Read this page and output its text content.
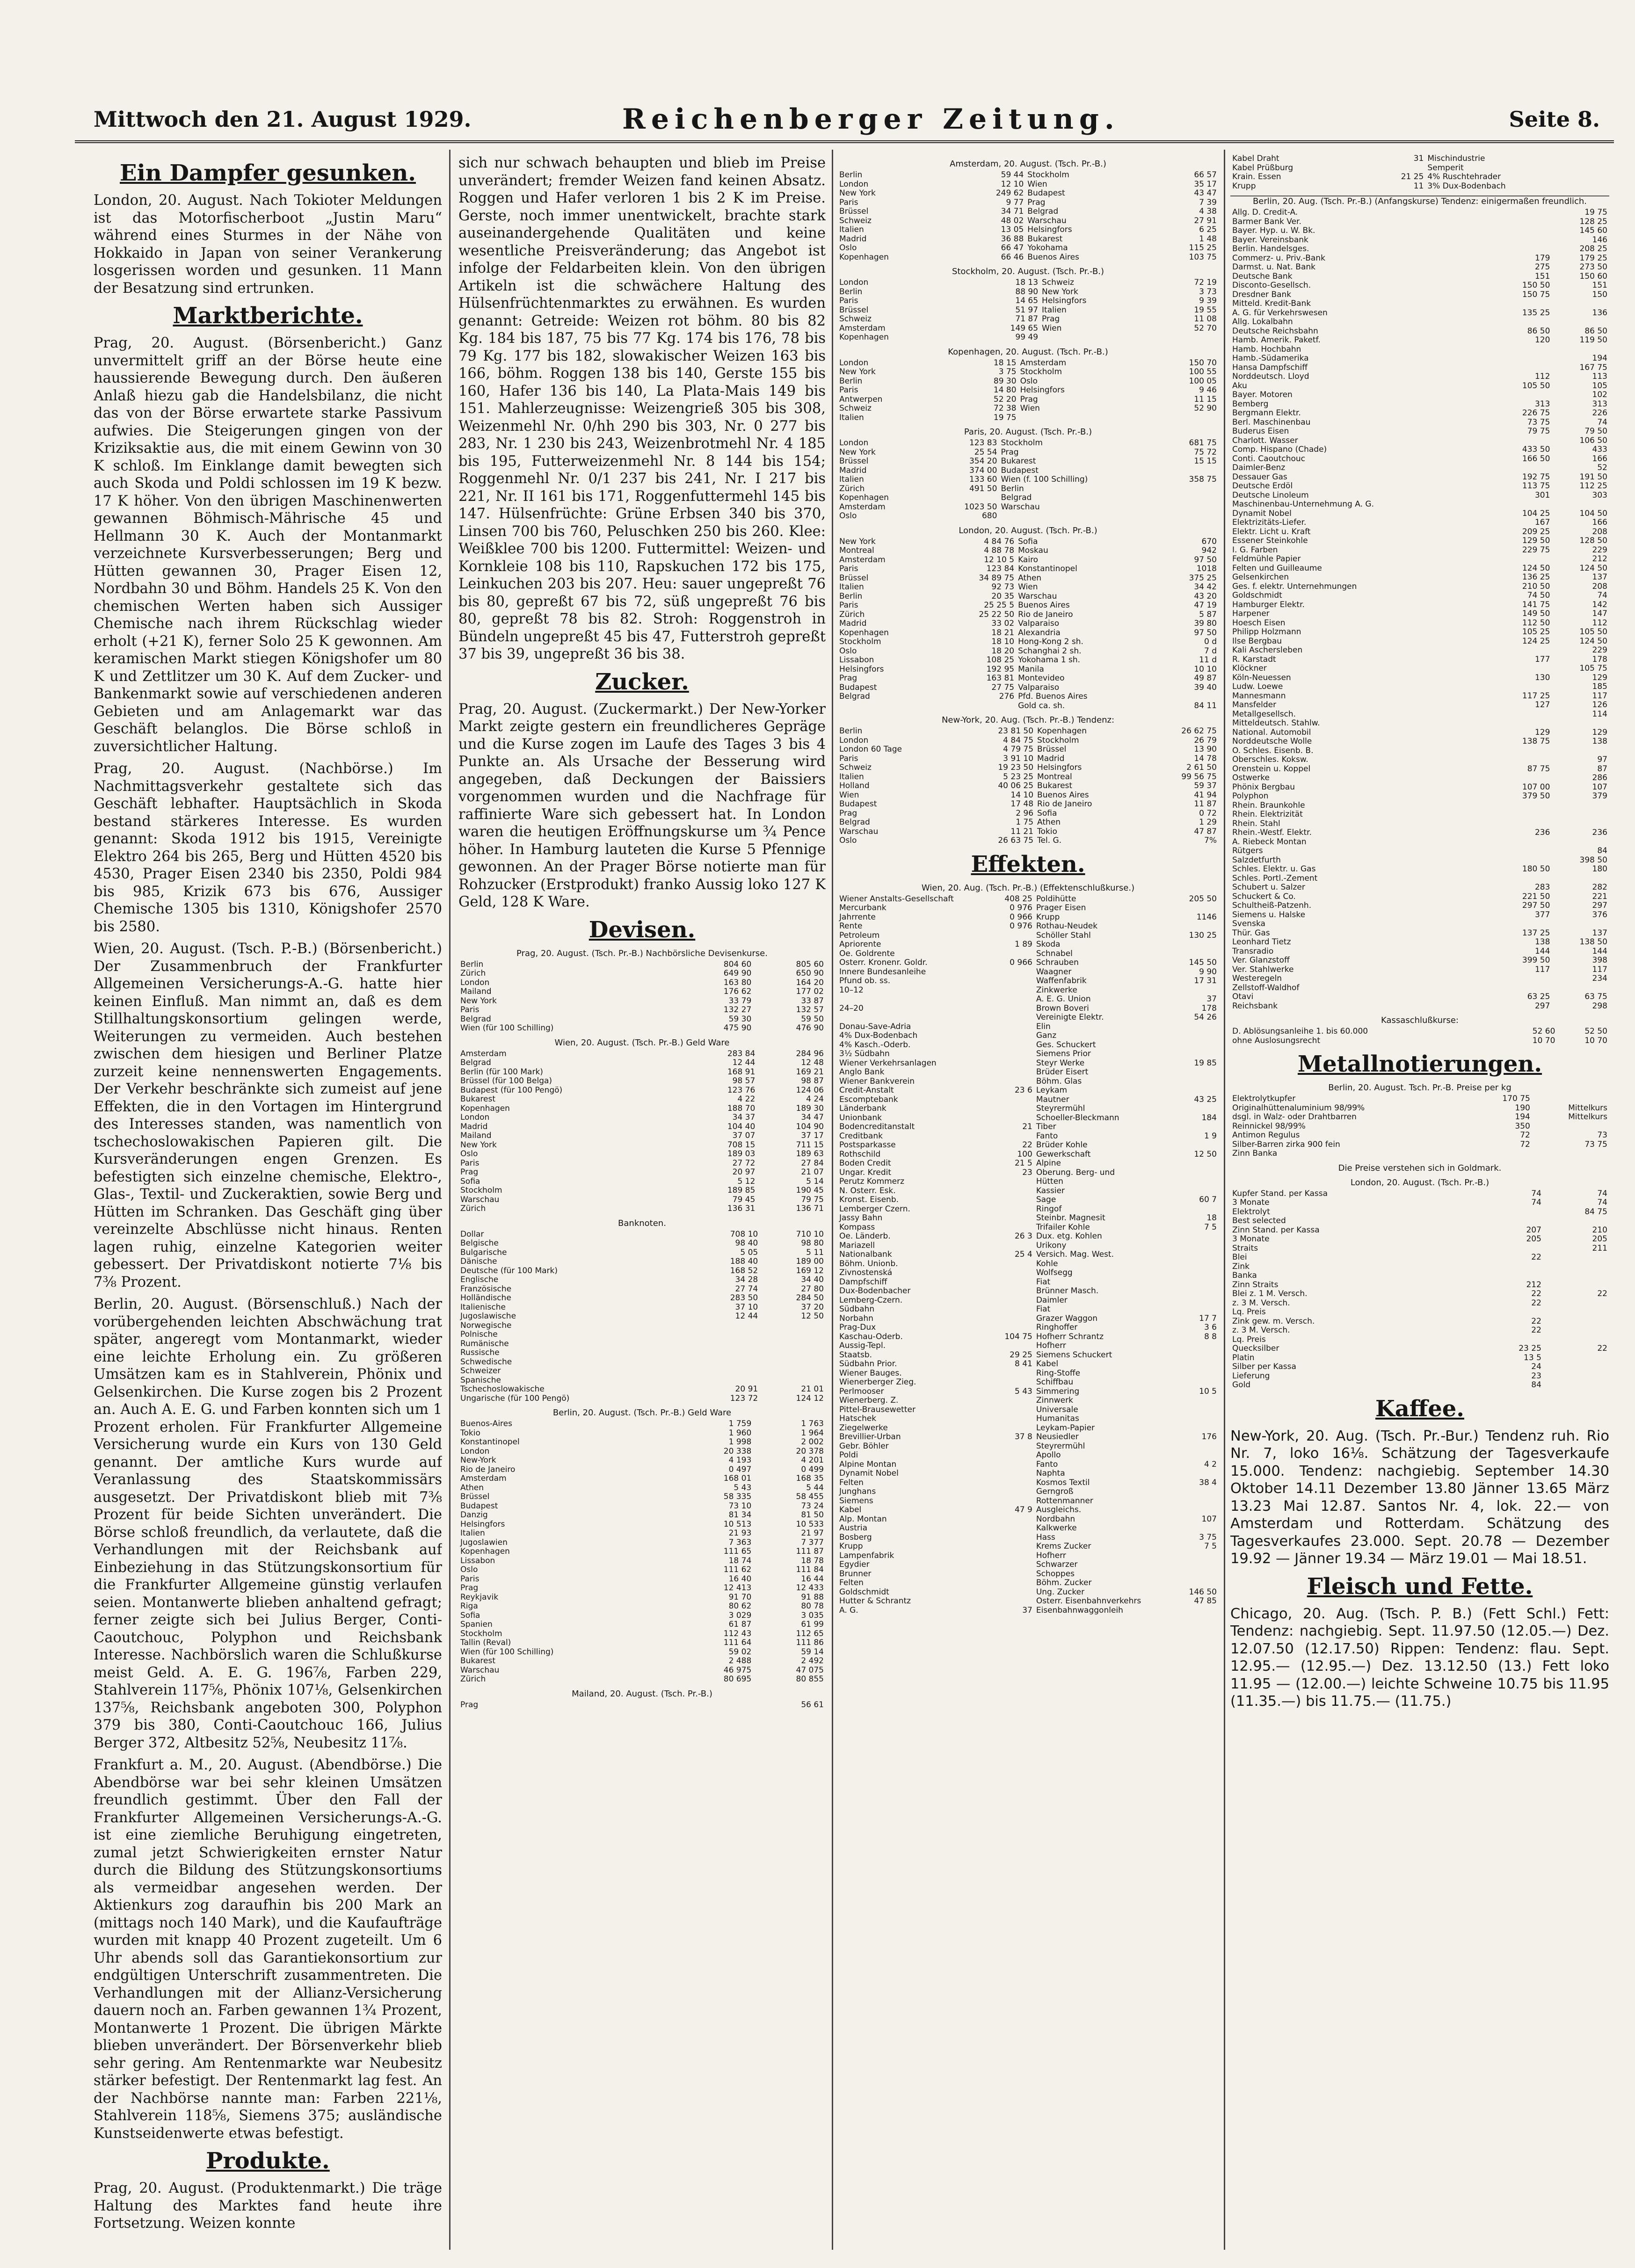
Mittwoch den 21. August 1929.	Reichenberger Zeitung.	Seite 8.
Ein Dampfer gesunken.

London, 20. August. Nach Tokioter Meldungen ist das Motorfischerboot „Justin Maru“ während eines Sturmes in der Nähe von Hokkaido in Japan von seiner Verankerung losgerissen worden und gesunken. 11 Mann der Besatzung sind ertrunken.

Marktberichte.

Prag, 20. August. (Börsenbericht.) Ganz unvermittelt griff an der Börse heute eine haussierende Bewegung durch. Den äußeren Anlaß hiezu gab die Handelsbilanz, die nicht das von der Börse erwartete starke Passivum aufwies. Die Steigerungen gingen von der Kriziksaktie aus, die mit einem Gewinn von 30 K schloß. Im Einklange damit bewegten sich auch Skoda und Poldi schlossen im 19 K bezw. 17 K höher. Von den übrigen Maschinenwerten gewannen Böhmisch-Mährische 45 und Hellmann 30 K. Auch der Montanmarkt verzeichnete Kursverbesserungen; Berg und Hütten gewannen 30, Prager Eisen 12, Nordbahn 30 und Böhm. Handels 25 K. Von den chemischen Werten haben sich Aussiger Chemische nach ihrem Rückschlag wieder erholt (+21 K), ferner Solo 25 K gewonnen. Am keramischen Markt stiegen Königshofer um 80 K und Zettlitzer um 30 K. Auf dem Zucker- und Bankenmarkt sowie auf verschiedenen anderen Gebieten und am Anlagemarkt war das Geschäft belanglos. Die Börse schloß in zuversichtlicher Haltung.

Prag, 20. August. (Nachbörse.) Im Nachmittagsverkehr gestaltete sich das Geschäft lebhafter. Hauptsächlich in Skoda bestand stärkeres Interesse. Es wurden genannt: Skoda 1912 bis 1915, Vereinigte Elektro 264 bis 265, Berg und Hütten 4520 bis 4530, Prager Eisen 2340 bis 2350, Poldi 984 bis 985, Krizik 673 bis 676, Aussiger Chemische 1305 bis 1310, Königshofer 2570 bis 2580.

Wien, 20. August. (Tsch. P.-B.) (Börsenbericht.) Der Zusammenbruch der Frankfurter Allgemeinen Versicherungs-A.-G. hatte hier keinen Einfluß. Man nimmt an, daß es dem Stillhaltungskonsortium gelingen werde, Weiterungen zu vermeiden. Auch bestehen zwischen dem hiesigen und Berliner Platze zurzeit keine nennenswerten Engagements. Der Verkehr beschränkte sich zumeist auf jene Effekten, die in den Vortagen im Hintergrund des Interesses standen, was namentlich von tschechoslowakischen Papieren gilt. Die Kursveränderungen engen Grenzen. Es befestigten sich einzelne chemische, Elektro-, Glas-, Textil- und Zuckeraktien, sowie Berg und Hütten im Schranken. Das Geschäft ging über vereinzelte Abschlüsse nicht hinaus. Renten lagen ruhig, einzelne Kategorien weiter gebessert. Der Privatdiskont notierte 7⅛ bis 7⅜ Prozent.

Berlin, 20. August. (Börsenschluß.) Nach der vorübergehenden leichten Abschwächung trat später, angeregt vom Montanmarkt, wieder eine leichte Erholung ein. Zu größeren Umsätzen kam es in Stahlverein, Phönix und Gelsenkirchen. Die Kurse zogen bis 2 Prozent an. Auch A. E. G. und Farben konnten sich um 1 Prozent erholen. Für Frankfurter Allgemeine Versicherung wurde ein Kurs von 130 Geld genannt. Der amtliche Kurs wurde auf Veranlassung des Staatskommissärs ausgesetzt. Der Privatdiskont blieb mit 7⅜ Prozent für beide Sichten unverändert. Die Börse schloß freundlich, da verlautete, daß die Verhandlungen mit der Reichsbank auf Einbeziehung in das Stützungskonsortium für die Frankfurter Allgemeine günstig verlaufen seien. Montanwerte blieben anhaltend gefragt; ferner zeigte sich bei Julius Berger, Conti-Caoutchouc, Polyphon und Reichsbank Interesse. Nachbörslich waren die Schlußkurse meist Geld. A. E. G. 196⅞, Farben 229, Stahlverein 117⅝, Phönix 107⅛, Gelsenkirchen 137⅝, Reichsbank angeboten 300, Polyphon 379 bis 380, Conti-Caoutchouc 166, Julius Berger 372, Altbesitz 52⅝, Neubesitz 11⅞.

Frankfurt a. M., 20. August. (Abendbörse.) Die Abendbörse war bei sehr kleinen Umsätzen freundlich gestimmt. Über den Fall der Frankfurter Allgemeinen Versicherungs-A.-G. ist eine ziemliche Beruhigung eingetreten, zumal jetzt Schwierigkeiten ernster Natur durch die Bildung des Stützungskonsortiums als vermeidbar angesehen werden. Der Aktienkurs zog daraufhin bis 200 Mark an (mittags noch 140 Mark), und die Kaufaufträge wurden mit knapp 40 Prozent zugeteilt. Um 6 Uhr abends soll das Garantiekonsortium zur endgültigen Unterschrift zusammentreten. Die Verhandlungen mit der Allianz-Versicherung dauern noch an. Farben gewannen 1¾ Prozent, Montanwerte 1 Prozent. Die übrigen Märkte blieben unverändert. Der Börsenverkehr blieb sehr gering. Am Rentenmarkte war Neubesitz stärker befestigt. Der Rentenmarkt lag fest. An der Nachbörse nannte man: Farben 221⅛, Stahlverein 118⅝, Siemens 375; ausländische Kunstseidenwerte etwas befestigt.

Produkte.

Prag, 20. August. (Produktenmarkt.) Die träge Haltung des Marktes fand heute ihre Fortsetzung. Weizen konnte

sich nur schwach behaupten und blieb im Preise unverändert; fremder Weizen fand keinen Absatz. Roggen und Hafer verloren 1 bis 2 K im Preise. Gerste, noch immer unentwickelt, brachte stark auseinandergehende Qualitäten und keine wesentliche Preisveränderung; das Angebot ist infolge der Feldarbeiten klein. Von den übrigen Artikeln ist die schwächere Haltung des Hülsenfrüchtenmarktes zu erwähnen. Es wurden genannt: Getreide: Weizen rot böhm. 80 bis 82 Kg. 184 bis 187, 75 bis 77 Kg. 174 bis 176, 78 bis 79 Kg. 177 bis 182, slowakischer Weizen 163 bis 166, böhm. Roggen 138 bis 140, Gerste 155 bis 160, Hafer 136 bis 140, La Plata-Mais 149 bis 151. Mahlerzeugnisse: Weizengrieß 305 bis 308, Weizenmehl Nr. 0/hh 290 bis 303, Nr. 0 277 bis 283, Nr. 1 230 bis 243, Weizenbrotmehl Nr. 4 185 bis 195, Futterweizenmehl Nr. 8 144 bis 154; Roggenmehl Nr. 0/1 237 bis 241, Nr. I 217 bis 221, Nr. II 161 bis 171, Roggenfuttermehl 145 bis 147. Hülsenfrüchte: Grüne Erbsen 340 bis 370, Linsen 700 bis 760, Peluschken 250 bis 260. Klee: Weißklee 700 bis 1200. Futtermittel: Weizen- und Kornkleie 108 bis 110, Rapskuchen 172 bis 175, Leinkuchen 203 bis 207. Heu: sauer ungepreßt 76 bis 80, gepreßt 67 bis 72, süß ungepreßt 76 bis 80, gepreßt 78 bis 82. Stroh: Roggenstroh in Bündeln ungepreßt 45 bis 47, Futterstroh gepreßt 37 bis 39, ungepreßt 36 bis 38.

Zucker.

Prag, 20. August. (Zuckermarkt.) Der New-Yorker Markt zeigte gestern ein freundlicheres Gepräge und die Kurse zogen im Laufe des Tages 3 bis 4 Punkte an. Als Ursache der Besserung wird angegeben, daß Deckungen der Baissiers vorgenommen wurden und die Nachfrage für raffinierte Ware sich gebessert hat. In London waren die heutigen Eröffnungskurse um ¾ Pence höher. In Hamburg lauteten die Kurse 5 Pfennige gewonnen. An der Prager Börse notierte man für Rohzucker (Erstprodukt) franko Aussig loko 127 K Geld, 128 K Ware.

Devisen.
Prag, 20. August. (Tsch. Pr.-B.) Nachbörsliche Devisenkurse.
Berlin	804 60	805 60
Zürich	649 90	650 90
London	163 80	164 20
Mailand	176 62	177 02
New York	33 79	33 87
Paris	132 27	132 57
Belgrad	59 30	59 50
Wien (für 100 Schilling)	475 90	476 90
Wien, 20. August. (Tsch. Pr.-B.) Geld Ware
Amsterdam	283 84	284 96
Belgrad	12 44	12 48
Berlin (für 100 Mark)	168 91	169 21
Brüssel (für 100 Belga)	98 57	98 87
Budapest (für 100 Pengö)	123 76	124 06
Bukarest	4 22	4 24
Kopenhagen	188 70	189 30
London	34 37	34 47
Madrid	104 40	104 90
Mailand	37 07	37 17
New York	708 15	711 15
Oslo	189 03	189 63
Paris	27 72	27 84
Prag	20 97	21 07
Sofia	5 12	5 14
Stockholm	189 85	190 45
Warschau	79 45	79 75
Zürich	136 31	136 71
Banknoten.
Dollar	708 10	710 10
Belgische	98 40	98 80
Bulgarische	5 05	5 11
Dänische	188 40	189 00
Deutsche (für 100 Mark)	168 52	169 12
Englische	34 28	34 40
Französische	27 74	27 80
Holländische	283 50	284 50
Italienische	37 10	37 20
Jugoslawische	12 44	12 50
Norwegische		
Polnische		
Rumänische		
Russische		
Schwedische		
Schweizer		
Spanische		
Tschechoslowakische	20 91	21 01
Ungarische (für 100 Pengö)	123 72	124 12
Berlin, 20. August. (Tsch. Pr.-B.) Geld Ware
Buenos-Aires	1 759	1 763
Tokio	1 960	1 964
Konstantinopel	1 998	2 002
London	20 338	20 378
New-York	4 193	4 201
Rio de Janeiro	0 497	0 499
Amsterdam	168 01	168 35
Athen	5 43	5 44
Brüssel	58 335	58 455
Budapest	73 10	73 24
Danzig	81 34	81 50
Helsingfors	10 513	10 533
Italien	21 93	21 97
Jugoslawien	7 363	7 377
Kopenhagen	111 65	111 87
Lissabon	18 74	18 78
Oslo	111 62	111 84
Paris	16 40	16 44
Prag	12 413	12 433
Reykjavik	91 70	91 88
Riga	80 62	80 78
Sofia	3 029	3 035
Spanien	61 87	61 99
Stockholm	112 43	112 65
Tallin (Reval)	111 64	111 86
Wien (für 100 Schilling)	59 02	59 14
Bukarest	2 488	2 492
Warschau	46 975	47 075
Zürich	80 695	80 855
Mailand, 20. August. (Tsch. Pr.-B.)
Prag	56 61
Amsterdam, 20. August. (Tsch. Pr.-B.)
Berlin	59 44	Stockholm	66 57
London	12 10	Wien	35 17
New York	249 62	Budapest	43 47
Paris	9 77	Prag	7 39
Brüssel	34 71	Belgrad	4 38
Schweiz	48 02	Warschau	27 91
Italien	13 05	Helsingfors	6 25
Madrid	36 88	Bukarest	1 48
Oslo	66 47	Yokohama	115 25
Kopenhagen	66 46	Buenos Aires	103 75
Stockholm, 20. August. (Tsch. Pr.-B.)
London	18 13	Schweiz	72 19
Berlin	88 90	New York	3 73
Paris	14 65	Helsingfors	9 39
Brüssel	51 97	Italien	19 55
Schweiz	71 87	Prag	11 08
Amsterdam	149 65	Wien	52 70
Kopenhagen	99 49		
Kopenhagen, 20. August. (Tsch. Pr.-B.)
London	18 15	Amsterdam	150 70
New York	3 75	Stockholm	100 55
Berlin	89 30	Oslo	100 05
Paris	14 80	Helsingfors	9 46
Antwerpen	52 20	Prag	11 15
Schweiz	72 38	Wien	52 90
Italien	19 75		
Paris, 20. August. (Tsch. Pr.-B.)
London	123 83	Stockholm	681 75
New York	25 54	Prag	75 72
Brüssel	354 20	Bukarest	15 15
Madrid	374 00	Budapest	
Italien	133 60	Wien (f. 100 Schilling)	358 75
Zürich	491 50	Berlin	
Kopenhagen		Belgrad	
Amsterdam	1023 50	Warschau	
Oslo	680		
London, 20. August. (Tsch. Pr.-B.)
New York	4 84 76	Sofia	670
Montreal	4 88 78	Moskau	942
Amsterdam	12 10 5	Kairo	97 50
Paris	123 84	Konstantinopel	1018
Brüssel	34 89 75	Athen	375 25
Italien	92 73	Wien	34 42
Berlin	20 35	Warschau	43 20
Paris	25 25 5	Buenos Aires	47 19
Zürich	25 22 50	Rio de Janeiro	5 87
Madrid	33 02	Valparaiso	39 80
Kopenhagen	18 21	Alexandria	97 50
Stockholm	18 10	Hong-Kong 2 sh.	0 d
Oslo	18 20	Schanghai 2 sh.	7 d
Lissabon	108 25	Yokohama 1 sh.	11 d
Helsingfors	192 95	Manila	10 10
Prag	163 81	Montevideo	49 87
Budapest	27 75	Valparaiso	39 40
Belgrad	276	Pfd. Buenos Aires	
		Gold ca. sh.	84 11
New-York, 20. Aug. (Tsch. Pr.-B.) Tendenz:
Berlin	23 81 50	Kopenhagen	26 62 75
London	4 84 75	Stockholm	26 79
London 60 Tage	4 79 75	Brüssel	13 90
Paris	3 91 10	Madrid	14 78
Schweiz	19 23 50	Helsingfors	2 61 50
Italien	5 23 25	Montreal	99 56 75
Holland	40 06 25	Bukarest	59 37
Wien	14 10	Buenos Aires	41 94
Budapest	17 48	Rio de Janeiro	11 87
Prag	2 96	Sofia	0 72
Belgrad	1 75	Athen	1 29
Warschau	11 21	Tokio	47 87
Oslo	26 63 75	Tel. G.	7%
Effekten.
Wien, 20. Aug. (Tsch. Pr.-B.) (Effektenschlußkurse.)
Wiener Anstalts-Gesellschaft	408 25	Poldihütte	205 50
Mercurbank	0 976	Prager Eisen	
Jahrrente	0 966	Krupp	1146
Rente	0 976	Rothau-Neudek	
Petroleum		Schöller Stahl	130 25
Apriorente	1 89	Skoda	
Oe. Goldrente		Schnabel	
Österr. Kronenr. Goldr.	0 966	Schrauben	145 50
Innere Bundesanleihe		Waagner	9 90
Pfund ob. ss.		Waffenfabrik	17 31
10–12		Zinkwerke	
		A. E. G. Union	37
24–20		Brown Boveri	178
		Vereinigte Elektr.	54 26
Donau-Save-Adria		Elin	
4% Dux-Bodenbach		Ganz	
4% Kasch.-Oderb.		Ges. Schuckert	
3½ Südbahn		Siemens Prior	
Wiener Verkehrsanlagen		Steyr Werke	19 85
Anglo Bank		Brüder Eisert	
Wiener Bankverein		Böhm. Glas	
Credit-Anstalt	23 6	Leykam	
Escomptebank		Mautner	43 25
Länderbank		Steyrermühl	
Unionbank		Schoeller-Bleckmann	184
Bodencreditanstalt	21	Tiber	
Creditbank		Fanto	1 9
Postsparkasse	22	Brüder Kohle	
Rothschild	100	Gewerkschaft	12 50
Boden Credit	21 5	Alpine	
Ungar. Kredit	23	Oberung. Berg- und	
Perutz Kommerz		Hütten	
N. Österr. Esk.		Kassier	
Kronst. Eisenb.		Sage	60 7
Lemberger Czern.		Ringof	
Jassy Bahn		Steinbr. Magnesit	18
Kompass		Trifailer Kohle	7 5
Oe. Länderb.	26 3	Dux. etg. Kohlen	
Mariazell		Urikony	
Nationalbank	25 4	Versich. Mag. West.	
Böhm. Unionb.		Kohle	
Zivnostenská		Wolfsegg	
Dampfschiff		Fiat	
Dux-Bodenbacher		Brünner Masch.	
Lemberg-Czern.		Daimler	
Südbahn		Fiat	
Norbahn		Grazer Waggon	17 7
Prag-Dux		Ringhoffer	3 6
Kaschau-Oderb.	104 75	Hofherr Schrantz	8 8
Aussig-Tepl.		Hofherr	
Staatsb.	29 25	Siemens Schuckert	
Südbahn Prior.	8 41	Kabel	
Wiener Bauges.		Ring-Stoffe	
Wienerberger Zieg.		Schiffbau	
Perlmooser	5 43	Simmering	10 5
Wienerberg. Z.		Zinnwerk	
Pittel-Brausewetter		Universale	
Hatschek		Humanitas	
Ziegelwerke		Leykam-Papier	
Brevillier-Urban	37 8	Neusiedler	176
Gebr. Böhler		Steyrermühl	
Poldi		Apollo	
Alpine Montan		Fanto	4 2
Dynamit Nobel		Naphta	
Felten		Kosmos Textil	38 4
Junghans		Gerngroß	
Siemens		Rottenmanner	
Kabel	47 9	Ausgleichs.	
Alp. Montan		Nordbahn	107
Austria		Kalkwerke	
Bosberg		Hass	3 75
Krupp		Krems Zucker	7 5
Lampenfabrik		Hofherr	
Egydier		Schwarzer	
Brunner		Schoppes	
Felten		Böhm. Zucker	
Goldschmidt		Ung. Zucker	146 50
Hutter & Schrantz		Österr. Eisenbahnverkehrs	47 85
A. G.	37	Eisenbahnwaggonleih	
Kabel Draht	31	Mischindustrie	
Kabel Prüßburg		Semperit	
Krain. Essen	21 25	4% Ruschtehrader	
Krupp	11	3% Dux-Bodenbach	
Berlin, 20. Aug. (Tsch. Pr.-B.) (Anfangskurse) Tendenz: einigermaßen freundlich.
Allg. D. Credit-A.		19 75
Barmer Bank Ver.		128 25
Bayer. Hyp. u. W. Bk.		145 60
Bayer. Vereinsbank		146
Berlin. Handelsges.		208 25
Commerz- u. Priv.-Bank	179	179 25
Darmst. u. Nat. Bank	275	273 50
Deutsche Bank	151	150 60
Disconto-Gesellsch.	150 50	151
Dresdner Bank	150 75	150
Mitteld. Kredit-Bank		
A. G. für Verkehrswesen	135 25	136
Allg. Lokalbahn		
Deutsche Reichsbahn	86 50	86 50
Hamb. Amerik. Paketf.	120	119 50
Hamb. Hochbahn		
Hamb.-Südamerika		194
Hansa Dampfschiff		167 75
Norddeutsch. Lloyd	112	113
Aku	105 50	105
Bayer. Motoren		102
Bemberg	313	313
Bergmann Elektr.	226 75	226
Berl. Maschinenbau	73 75	74
Buderus Eisen	79 75	79 50
Charlott. Wasser		106 50
Comp. Hispano (Chade)	433 50	433
Conti. Caoutchouc	166 50	166
Daimler-Benz		52
Dessauer Gas	192 75	191 50
Deutsche Erdöl	113 75	112 25
Deutsche Linoleum	301	303
Maschinenbau-Unternehmung A. G.		
Dynamit Nobel	104 25	104 50
Elektrizitäts-Liefer.	167	166
Elektr. Licht u. Kraft	209 25	208
Essener Steinkohle	129 50	128 50
I. G. Farben	229 75	229
Feldmühle Papier		212
Felten und Guilleaume	124 50	124 50
Gelsenkirchen	136 25	137
Ges. f. elektr. Unternehmungen	210 50	208
Goldschmidt	74 50	74
Hamburger Elektr.	141 75	142
Harpener	149 50	147
Hoesch Eisen	112 50	112
Philipp Holzmann	105 25	105 50
Ilse Bergbau	124 25	124 50
Kali Aschersleben		229
R. Karstadt	177	178
Klöckner		105 75
Köln-Neuessen	130	129
Ludw. Loewe		185
Mannesmann	117 25	117
Mansfelder	127	126
Metallgesellsch.		114
Mitteldeutsch. Stahlw.		
National. Automobil	129	129
Norddeutsche Wolle	138 75	138
O. Schles. Eisenb. B.		
Oberschles. Koksw.		97
Orenstein u. Koppel	87 75	87
Ostwerke		286
Phönix Bergbau	107 00	107
Polyphon	379 50	379
Rhein. Braunkohle		
Rhein. Elektrizität		
Rhein. Stahl		
Rhein.-Westf. Elektr.	236	236
A. Riebeck Montan		
Rütgers		84
Salzdetfurth		398 50
Schles. Elektr. u. Gas	180 50	180
Schles. Portl.-Zement		
Schubert u. Salzer	283	282
Schuckert & Co.	221 50	221
Schultheiß-Patzenh.	297 50	297
Siemens u. Halske	377	376
Svenska		
Thür. Gas	137 25	137
Leonhard Tietz	138	138 50
Transradio	144	144
Ver. Glanzstoff	399 50	398
Ver. Stahlwerke	117	117
Westeregeln		234
Zellstoff-Waldhof		
Otavi	63 25	63 75
Reichsbank	297	298
Kassaschlußkurse:
D. Ablösungsanleihe 1. bis 60.000	52 60	52 50

ohne Auslosungsrecht	10 70	10 70
Metallnotierungen.
Berlin, 20. August. Tsch. Pr.-B. Preise per kg
Elektrolytkupfer	170 75	
Originalhüttenaluminium 98/99%	190	Mittelkurs
dsgl. in Walz- oder Drahtbarren	194	Mittelkurs
Reinnickel 98/99%	350	
Antimon Regulus	72	73
Silber-Barren zirka 900 fein	72	73 75
Zinn Banka		
Die Preise verstehen sich in Goldmark.
London, 20. August. (Tsch. Pr.-B.)
Kupfer Stand. per Kassa	74	74
3 Monate	74	74
Elektrolyt		84 75
Best selected		
Zinn Stand. per Kassa	207	210
3 Monate	205	205
Straits		211
Blei	22	
Zink		
Banka		
Zinn Straits	212	
Blei z. 1 M. Versch.	22	22
z. 3 M. Versch.	22	
Lq. Preis		
Zink gew. m. Versch.	22	
z. 3 M. Versch.	22	
Lq. Preis		
Quecksilber	23 25	22
Platin	13 5	
Silber per Kassa	24	
Lieferung	23	
Gold	84	
Kaffee.

New-York, 20. Aug. (Tsch. Pr.-Bur.) Tendenz ruh. Rio Nr. 7, loko 16⅛. Schätzung der Tagesverkaufe 15.000. Tendenz: nachgiebig. September 14.30 Oktober 14.11 Dezember 13.80 Jänner 13.65 März 13.23 Mai 12.87. Santos Nr. 4, lok. 22.— von Amsterdam und Rotterdam. Schätzung des Tagesverkaufes 23.000. Sept. 20.78 — Dezember 19.92 — Jänner 19.34 — März 19.01 — Mai 18.51.

Fleisch und Fette.

Chicago, 20. Aug. (Tsch. P. B.) (Fett Schl.) Fett: Tendenz: nachgiebig. Sept. 11.97.50 (12.05.—) Dez. 12.07.50 (12.17.50) Rippen: Tendenz: flau. Sept. 12.95.— (12.95.—) Dez. 13.12.50 (13.) Fett loko 11.95 — (12.00.—) leichte Schweine 10.75 bis 11.95 (11.35.—) bis 11.75.— (11.75.)
